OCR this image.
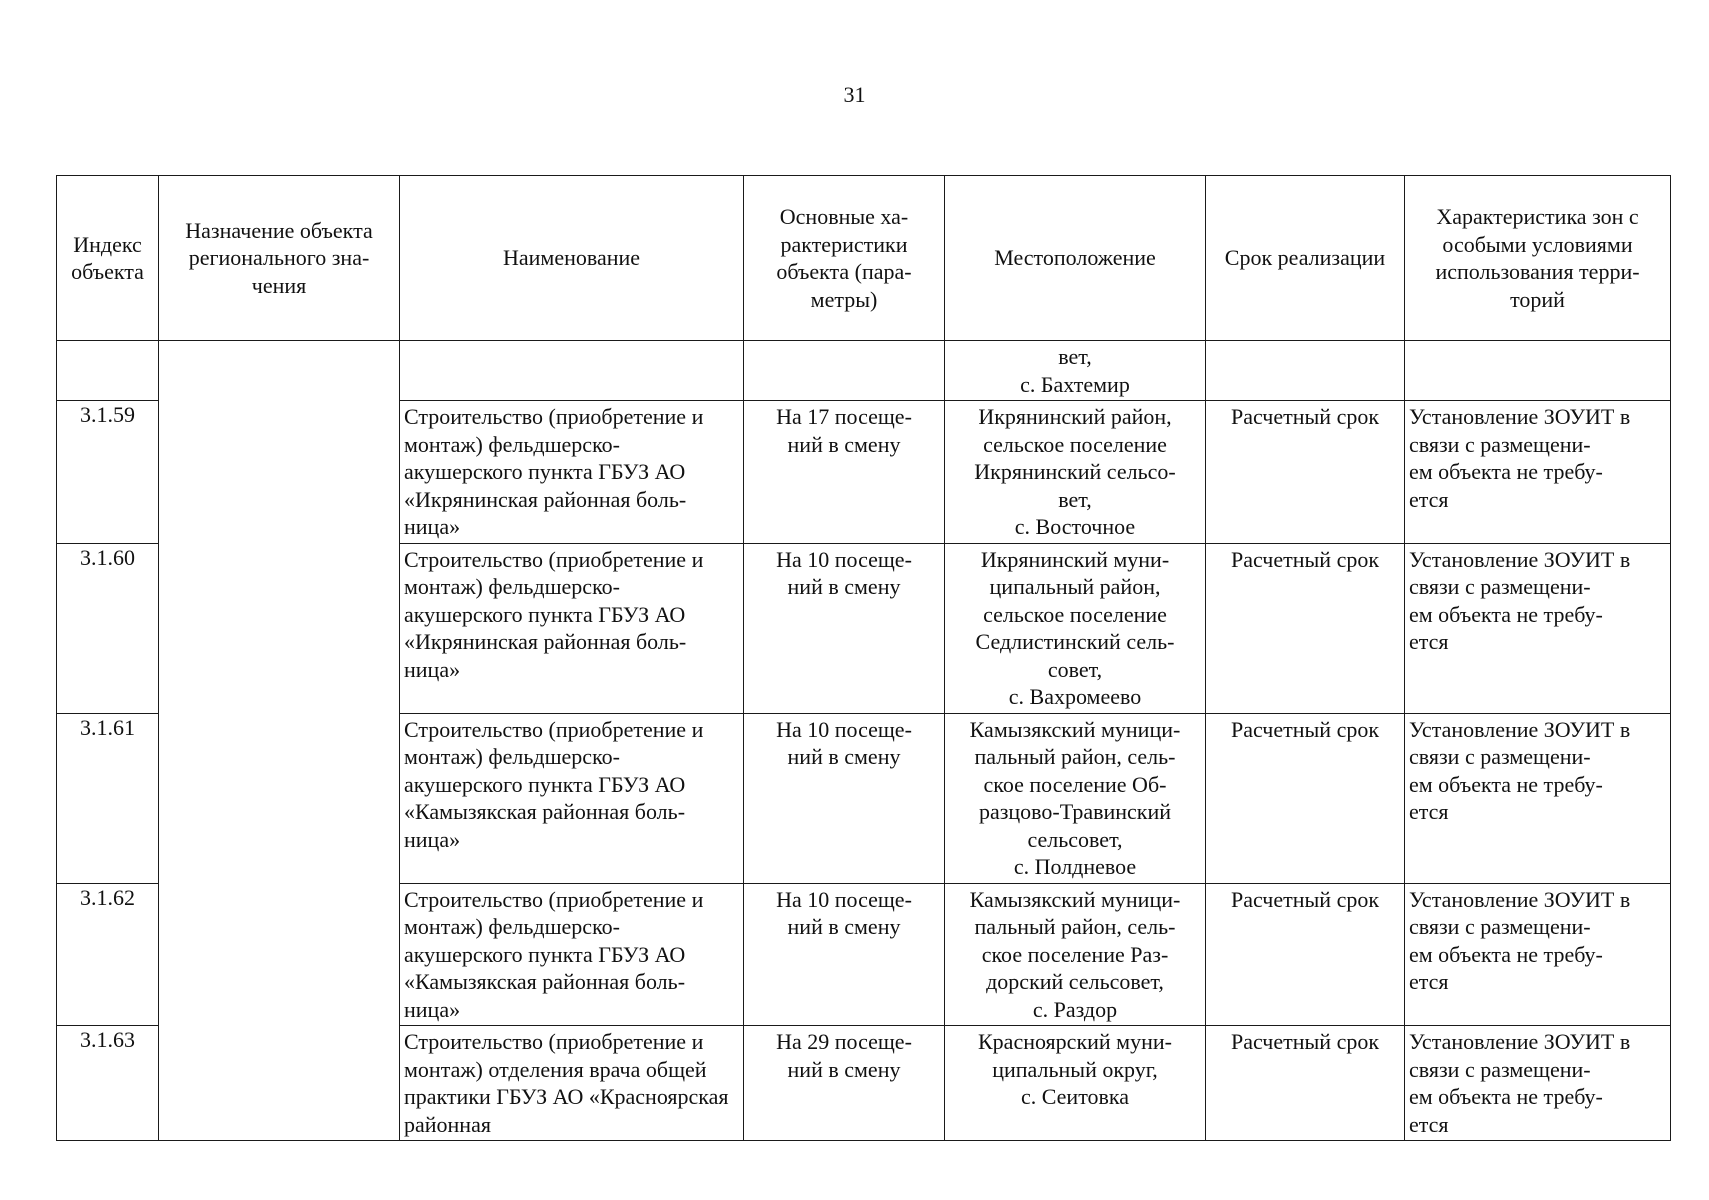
31
Индекс объекта	Назначение объекта регионального зна-
чения	Наименование	Основные ха-
рактеристики объекта (пара-
метры)	Местоположение	Срок реализации	Характеристика зон с особыми условиями использования терри-
торий
				вет,
с. Бахтемир		
3.1.59		Строительство (приобретение и монтаж) фельдшерско-
акушерского пункта ГБУЗ АО «Икрянинская районная боль-
ница»	На 17 посеще-
ний в смену	Икрянинский район, сельское поселение Икрянинский сельсо-
вет,
с. Восточное	Расчетный срок	Установление ЗОУИТ в связи с размещени-
ем объекта не требу-
ется
3.1.60		Строительство (приобретение и монтаж) фельдшерско-
акушерского пункта ГБУЗ АО «Икрянинская районная боль-
ница»	На 10 посеще-
ний в смену	Икрянинский муни-
ципальный район, сельское поселение Седлистинский сель-
совет,
с. Вахромеево	Расчетный срок	Установление ЗОУИТ в связи с размещени-
ем объекта не требу-
ется
3.1.61		Строительство (приобретение и монтаж) фельдшерско-
акушерского пункта ГБУЗ АО «Камызякская районная боль-
ница»	На 10 посеще-
ний в смену	Камызякский муници-
пальный район, сель-
ское поселение Об-
разцово-Травинский сельсовет,
с. Полдневое	Расчетный срок	Установление ЗОУИТ в связи с размещени-
ем объекта не требу-
ется
3.1.62		Строительство (приобретение и монтаж) фельдшерско-
акушерского пункта ГБУЗ АО «Камызякская районная боль-
ница»	На 10 посеще-
ний в смену	Камызякский муници-
пальный район, сель-
ское поселение Раз-
дорский сельсовет,
с. Раздор	Расчетный срок	Установление ЗОУИТ в связи с размещени-
ем объекта не требу-
ется
3.1.63		Строительство (приобретение и монтаж) отделения врача общей практики ГБУЗ АО «Красноярская районная	На 29 посеще-
ний в смену	Красноярский муни-
ципальный округ,
с. Сеитовка	Расчетный срок	Установление ЗОУИТ в связи с размещени-
ем объекта не требу-
ется
